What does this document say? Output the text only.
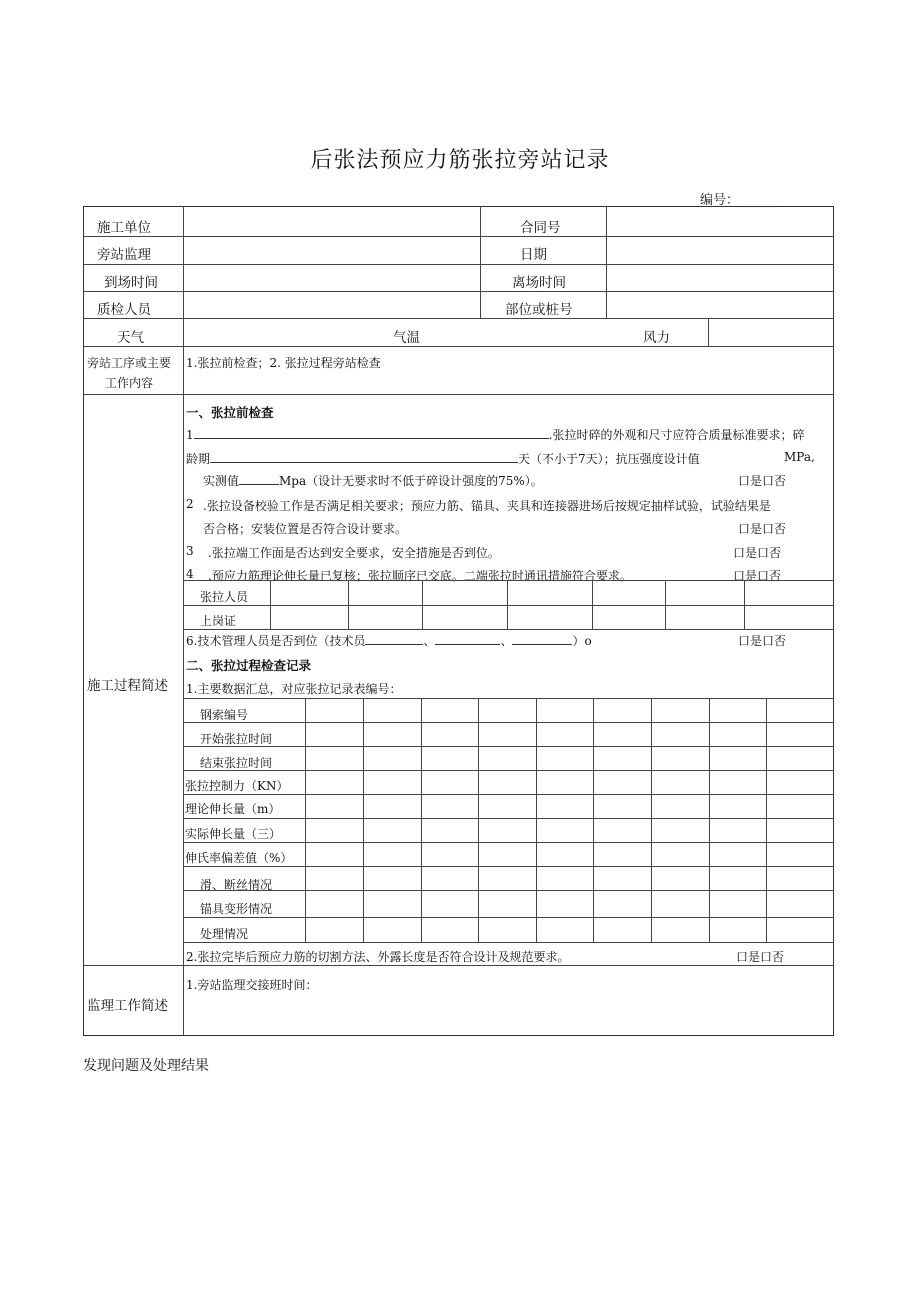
后张法预应力筋张拉旁站记录
编号：______
施工单位	合同号
旁站监理	日期
到场时间	离场时间
质检人员	部位或桩号
天气	气温	风力
旁站工序或主要
工作内容
1.张拉前检查；2. 张拉过程旁站检查
施工过程简述
一、张拉前检查
1	.张拉时碎的外观和尺寸应符合质量标准要求；碎
龄期	天（不小于7天）；抗压强度设计值	MPa,
实测值	Mpa（设计无要求时不低于碎设计强度的75%）。	口是口否
2 .张拉设备校验工作是否满足相关要求；预应力筋、锚具、夹具和连接器进场后按规定抽样试验，试验结果是
否合格；安装位置是否符合设计要求。	口是口否
3 .张拉端工作面是否达到安全要求，安全措施是否到位。	口是口否
4 .预应力筋理论伸长量已复核；张拉顺序已交底。二端张拉时通讯措施符合要求。	口是口否
张拉人员
上岗证
6.技术管理人员是否到位（技术员	、	、	）o	口是口否
二、张拉过程检查记录
1.主要数据汇总，对应张拉记录表编号：
钢索编号
开始张拉时间
结束张拉时间
张拉控制力（KN）
理论伸长量（m）
实际伸长量（三）
伸氏率偏差值（%）
滑、断丝情况
锚具变形情况
处理情况
2.张拉完毕后预应力筋的切割方法、外露长度是否符合设计及规范要求。	口是口否
监理工作简述
1.旁站监理交接班时间：
发现问题及处理结果
